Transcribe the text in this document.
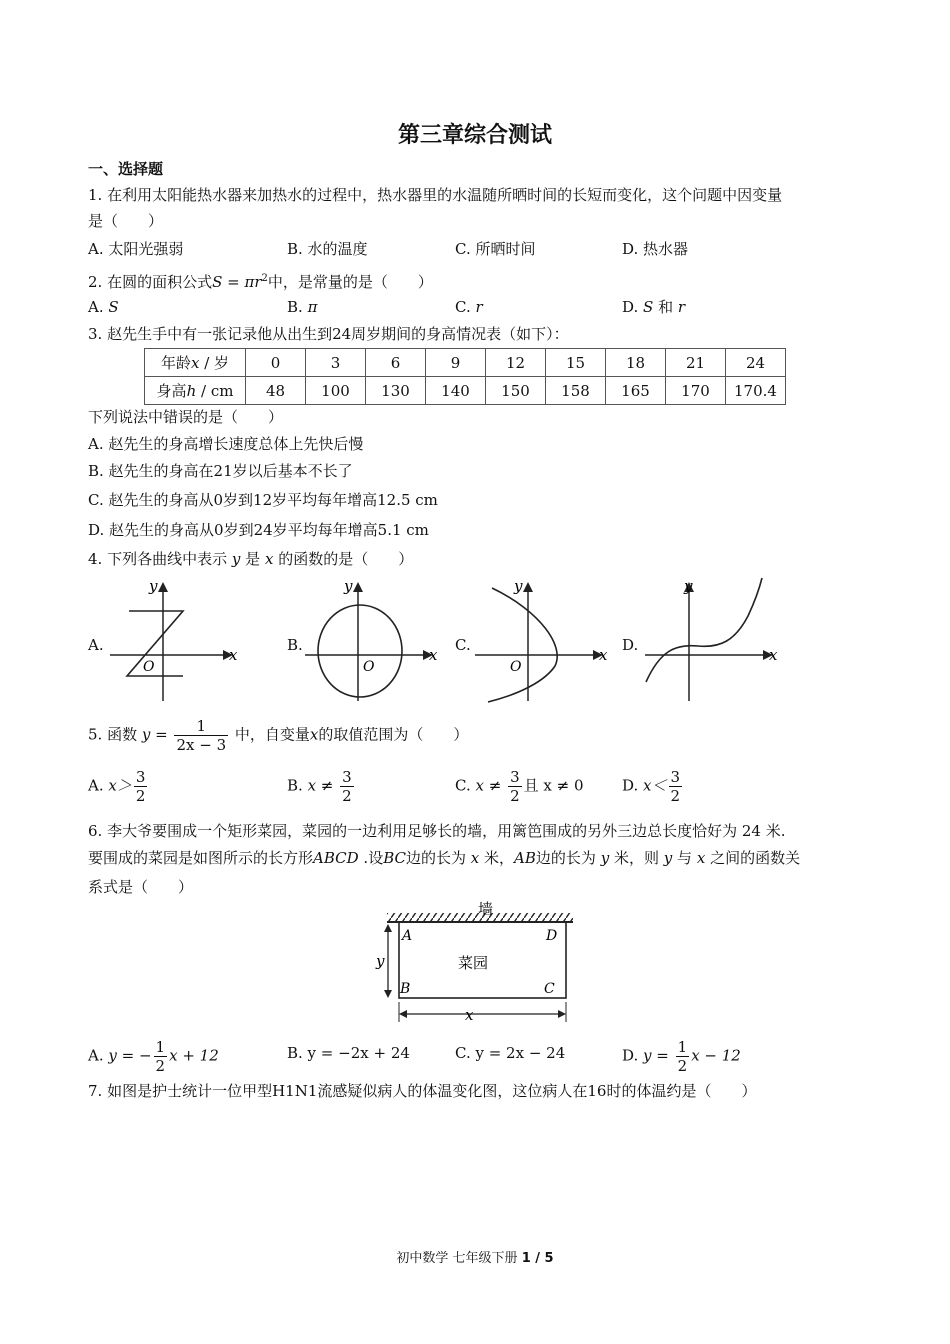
第三章综合测试
一、选择题
1. 在利用太阳能热水器来加热水的过程中，热水器里的水温随所晒时间的长短而变化，这个问题中因变量
是（　　）
A. 太阳光强弱	B. 水的温度	C. 所晒时间	D. 热水器
2. 在圆的面积公式$S = \pi r^2$中，是常量的是（　　）
A. S	B. π	C. r	D. S 和 r
3. 赵先生手中有一张记录他从出生到24周岁期间的身高情况表（如下）：
年龄x / 岁	0	3	6	9	12	15	18	21	24
身高h / cm	48	100	130	140	150	158	165	170	170.4
下列说法中错误的是（　　）
A. 赵先生的身高增长速度总体上先快后慢
B. 赵先生的身高在21岁以后基本不长了
C. 赵先生的身高从0岁到12岁平均每年增高12.5 cm
D. 赵先生的身高从0岁到24岁平均每年增高5.1 cm
4. 下列各曲线中表示 y 是 x 的函数的是（　　）
A.	B.	C.	D.
y
x
O
y
x
O
y
x
O
y
x
5. 函数 $y = \frac{1}{2x - 3}$ 中，自变量x的取值范围为（　　）
A. $x> \frac{3}{2}$	B. $x \ne \frac{3}{2}$	C. $x \ne \frac{3}{2}$ 且 x ≠ 0	D. $x< \frac{3}{2}$
6. 李大爷要围成一个矩形菜园，菜园的一边利用足够长的墙，用篱笆围成的另外三边总长度恰好为 24 米.
要围成的菜园是如图所示的长方形ABCD .设BC边的长为 x 米，AB边的长为 y 米，则 y 与 x 之间的函数关
系式是（　　）
墙
菜园
A	D
B	C
y
x
A. y = − $\frac{1}{2}$ x + 12	B. y = −2x + 24	C. y = 2x − 24	D. $y = \frac{1}{2}$ x − 12
7. 如图是护士统计一位甲型H1N1流感疑似病人的体温变化图，这位病人在16时的体温约是（　　）
初中数学 七年级下册 1 / 5
